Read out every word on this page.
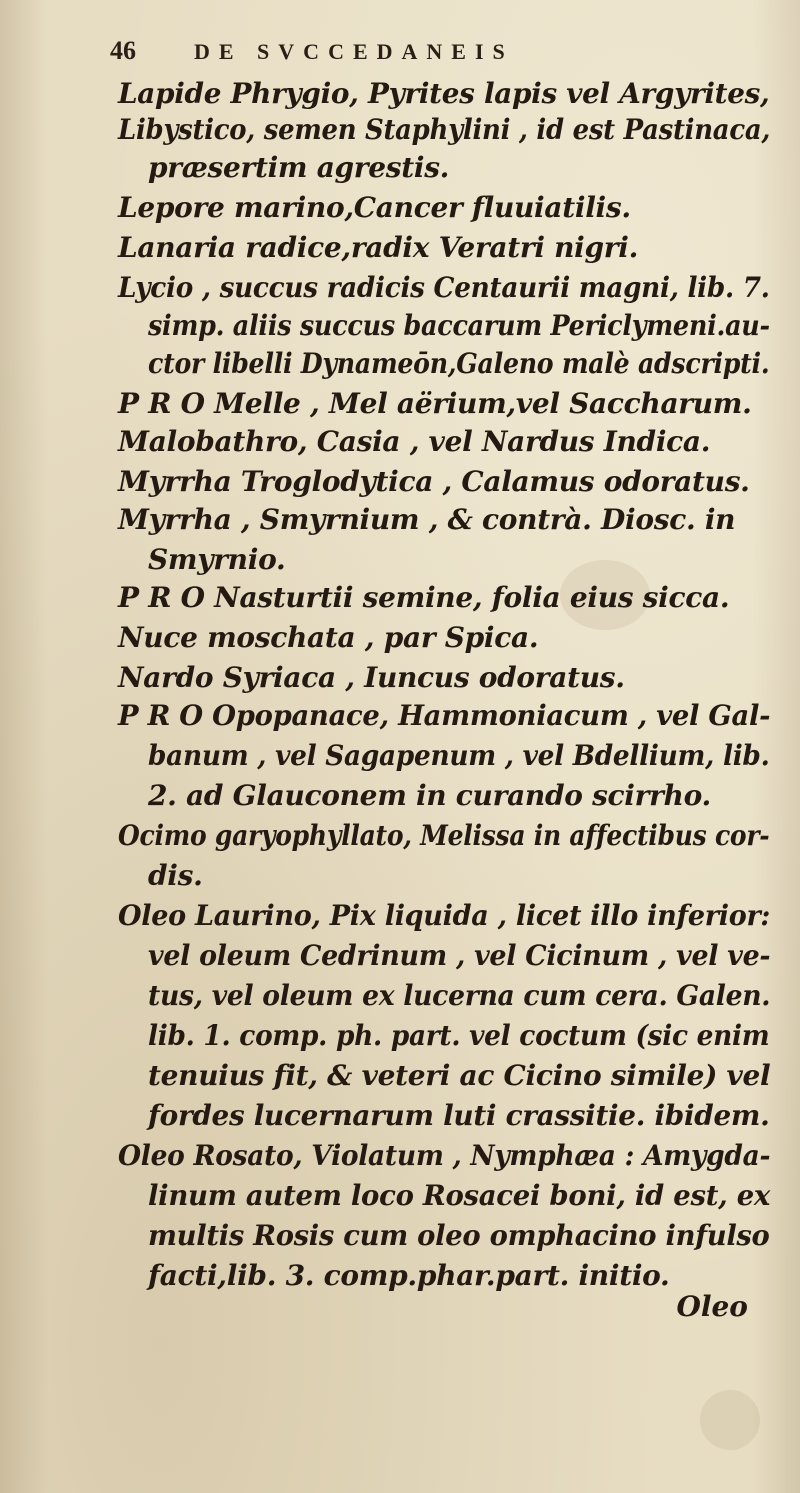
46	DE SVCCEDANEIS
Lapide Phrygio, Pyrites lapis vel Argyrites,
Libystico, semen Staphylini , id est Pastinaca,
præsertim agrestis.
Lepore marino,Cancer fluuiatilis.
Lanaria radice,radix Veratri nigri.
Lycio , succus radicis Centaurii magni, lib. 7.
simp. aliis succus baccarum Periclymeni.au-
ctor libelli Dynameōn,Galeno malè adscripti.
P R O Melle , Mel aërium,vel Saccharum.
Malobathro, Casia , vel Nardus Indica.
Myrrha Troglodytica , Calamus odoratus.
Myrrha , Smyrnium , & contrà. Diosc. in
Smyrnio.
P R O Nasturtii semine, folia eius sicca.
Nuce moschata , par Spica.
Nardo Syriaca , Iuncus odoratus.
P R O Opopanace, Hammoniacum , vel Gal-
banum , vel Sagapenum , vel Bdellium, lib.
2. ad Glauconem in curando scirrho.
Ocimo garyophyllato, Melissa in affectibus cor-
dis.
Oleo Laurino, Pix liquida , licet illo inferior:
vel oleum Cedrinum , vel Cicinum , vel ve-
tus, vel oleum ex lucerna cum cera. Galen.
lib. 1. comp. ph. part. vel coctum (sic enim
tenuius fit, & veteri ac Cicino simile) vel
fordes lucernarum luti crassitie. ibidem.
Oleo Rosato, Violatum , Nymphæa : Amygda-
linum autem loco Rosacei boni, id est, ex
multis Rosis cum oleo omphacino infulso
facti,lib. 3. comp.phar.part. initio.
Oleo
